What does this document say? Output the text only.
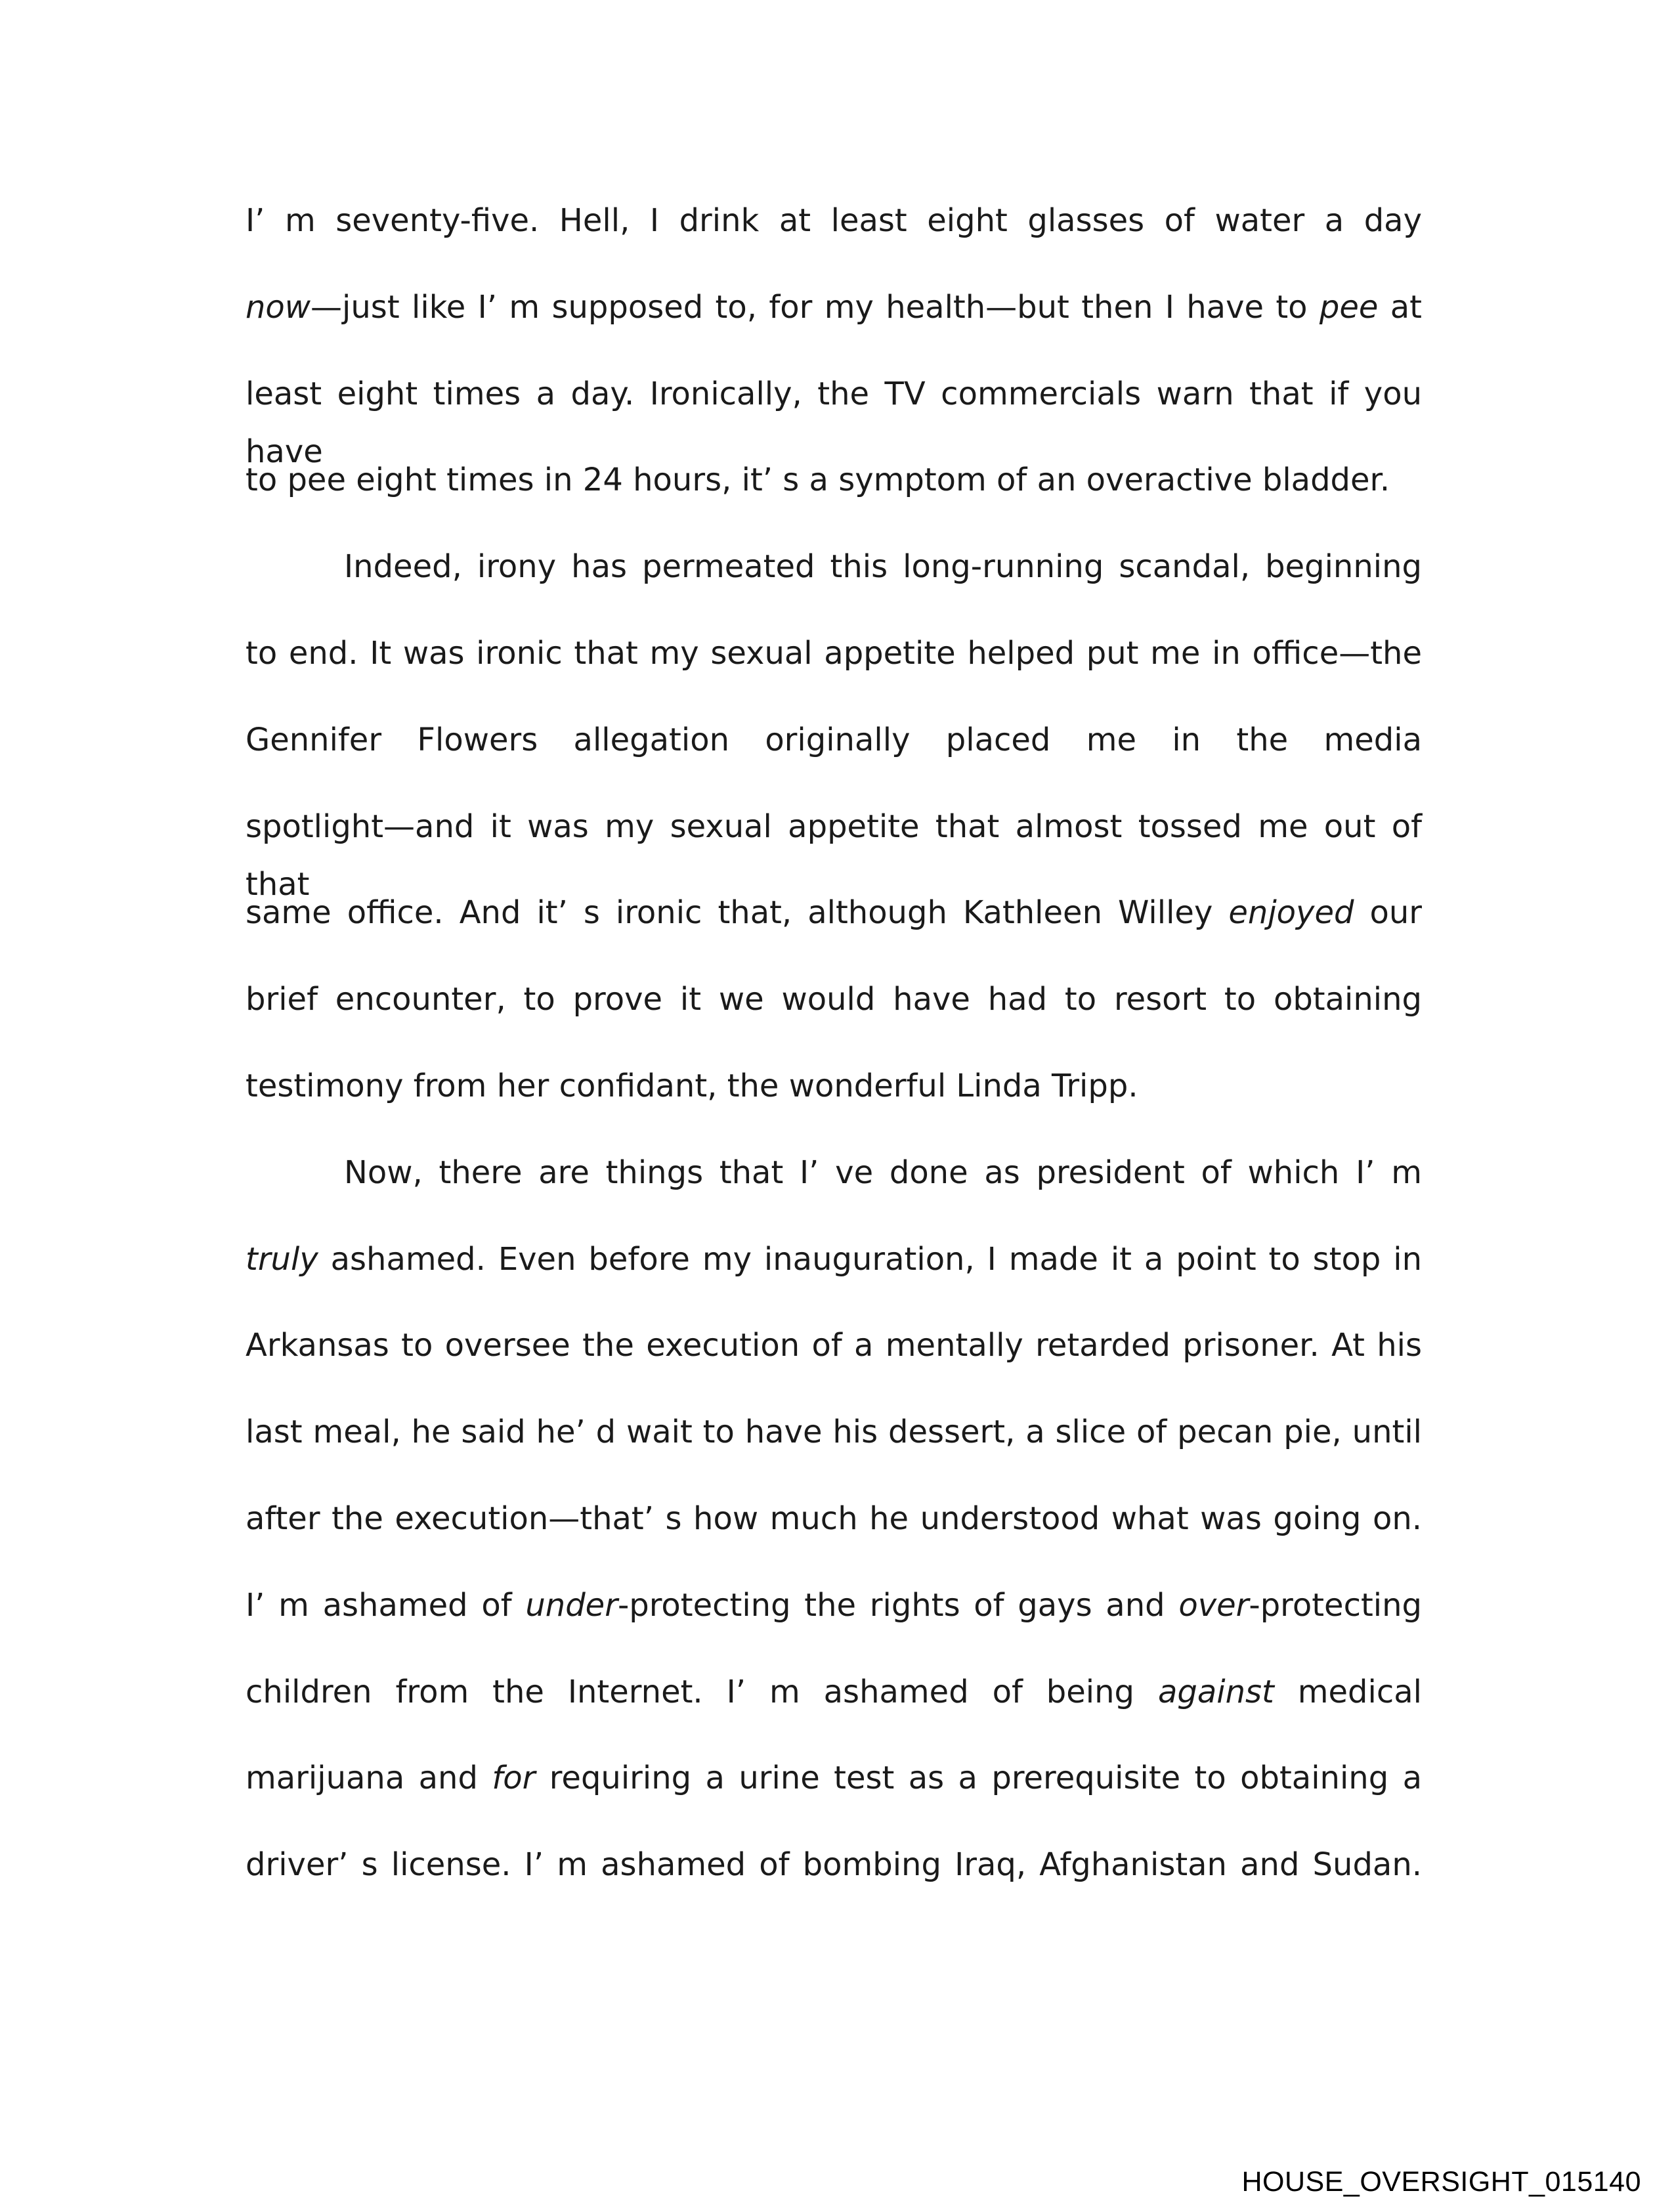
I’ m seventy-five. Hell, I drink at least eight glasses of water a day
now—just like I’ m supposed to, for my health—but then I have to pee at
least eight times a day. Ironically, the TV commercials warn that if you have
to pee eight times in 24 hours, it’ s a symptom of an overactive bladder.
Indeed, irony has permeated this long-running scandal, beginning
to end. It was ironic that my sexual appetite helped put me in office—the
Gennifer Flowers allegation originally placed me in the media
spotlight—and it was my sexual appetite that almost tossed me out of that
same office. And it’ s ironic that, although Kathleen Willey enjoyed our
brief encounter, to prove it we would have had to resort to obtaining
testimony from her confidant, the wonderful Linda Tripp.
Now, there are things that I’ ve done as president of which I’ m
truly ashamed. Even before my inauguration, I made it a point to stop in
Arkansas to oversee the execution of a mentally retarded prisoner. At his
last meal, he said he’ d wait to have his dessert, a slice of pecan pie, until
after the execution—that’ s how much he understood what was going on.
I’ m ashamed of under-protecting the rights of gays and over-protecting
children from the Internet. I’ m ashamed of being against medical
marijuana and for requiring a urine test as a prerequisite to obtaining a
driver’ s license. I’ m ashamed of bombing Iraq, Afghanistan and Sudan.
HOUSE_OVERSIGHT_015140
